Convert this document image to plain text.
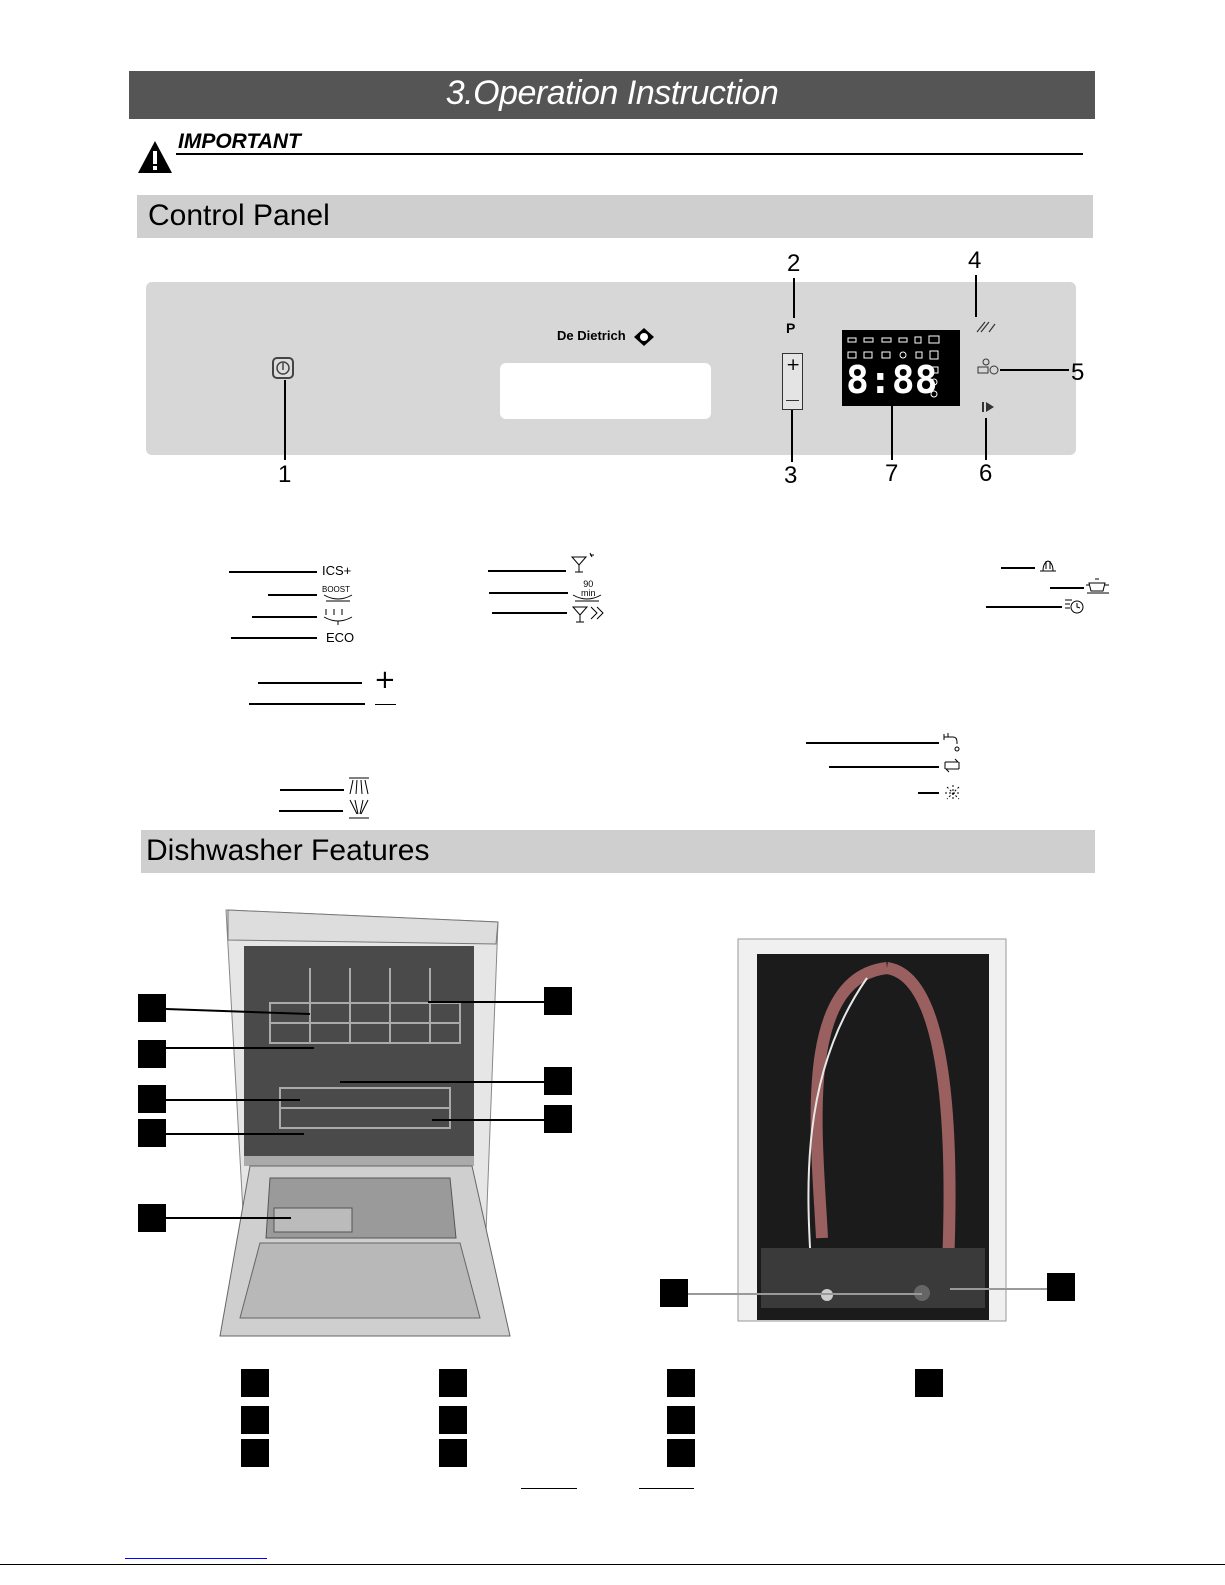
3.Operation Instruction
IMPORTANT
Control Panel
De Dietrich	P
+ 8:88
2	4
5
1	3	7	6
ICS+
BOOST
ECO
+
90
min
Dishwasher Features
